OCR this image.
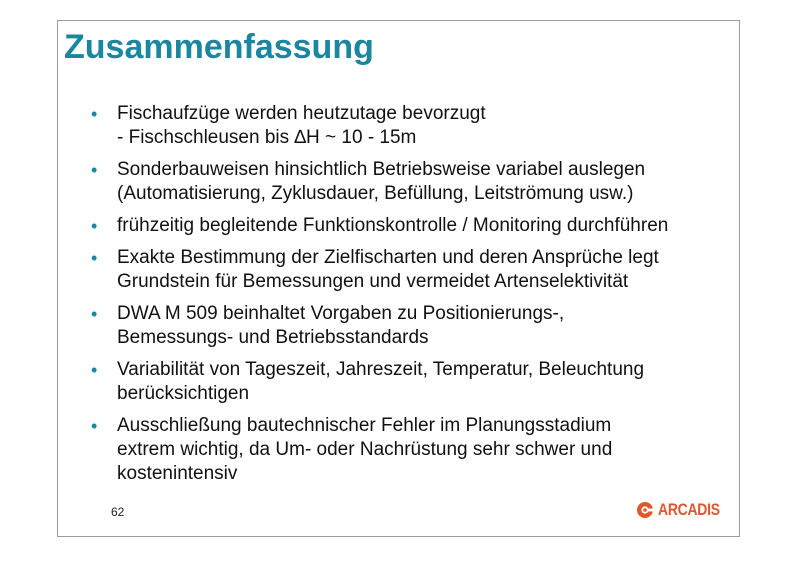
Zusammenfassung
• Fischaufzüge werden heutzutage bevorzugt
- Fischschleusen bis ∆H ~ 10 - 15m
• Sonderbauweisen hinsichtlich Betriebsweise variabel auslegen
(Automatisierung, Zyklusdauer, Befüllung, Leitströmung usw.)
• frühzeitig begleitende Funktionskontrolle / Monitoring durchführen
• Exakte Bestimmung der Zielfischarten und deren Ansprüche legt
Grundstein für Bemessungen und vermeidet Artenselektivität
• DWA M 509 beinhaltet Vorgaben zu Positionierungs-,
Bemessungs- und Betriebsstandards
• Variabilität von Tageszeit, Jahreszeit, Temperatur, Beleuchtung
berücksichtigen
• Ausschließung bautechnischer Fehler im Planungsstadium
extrem wichtig, da Um- oder Nachrüstung sehr schwer und
kostenintensiv
62	ARCADIS
